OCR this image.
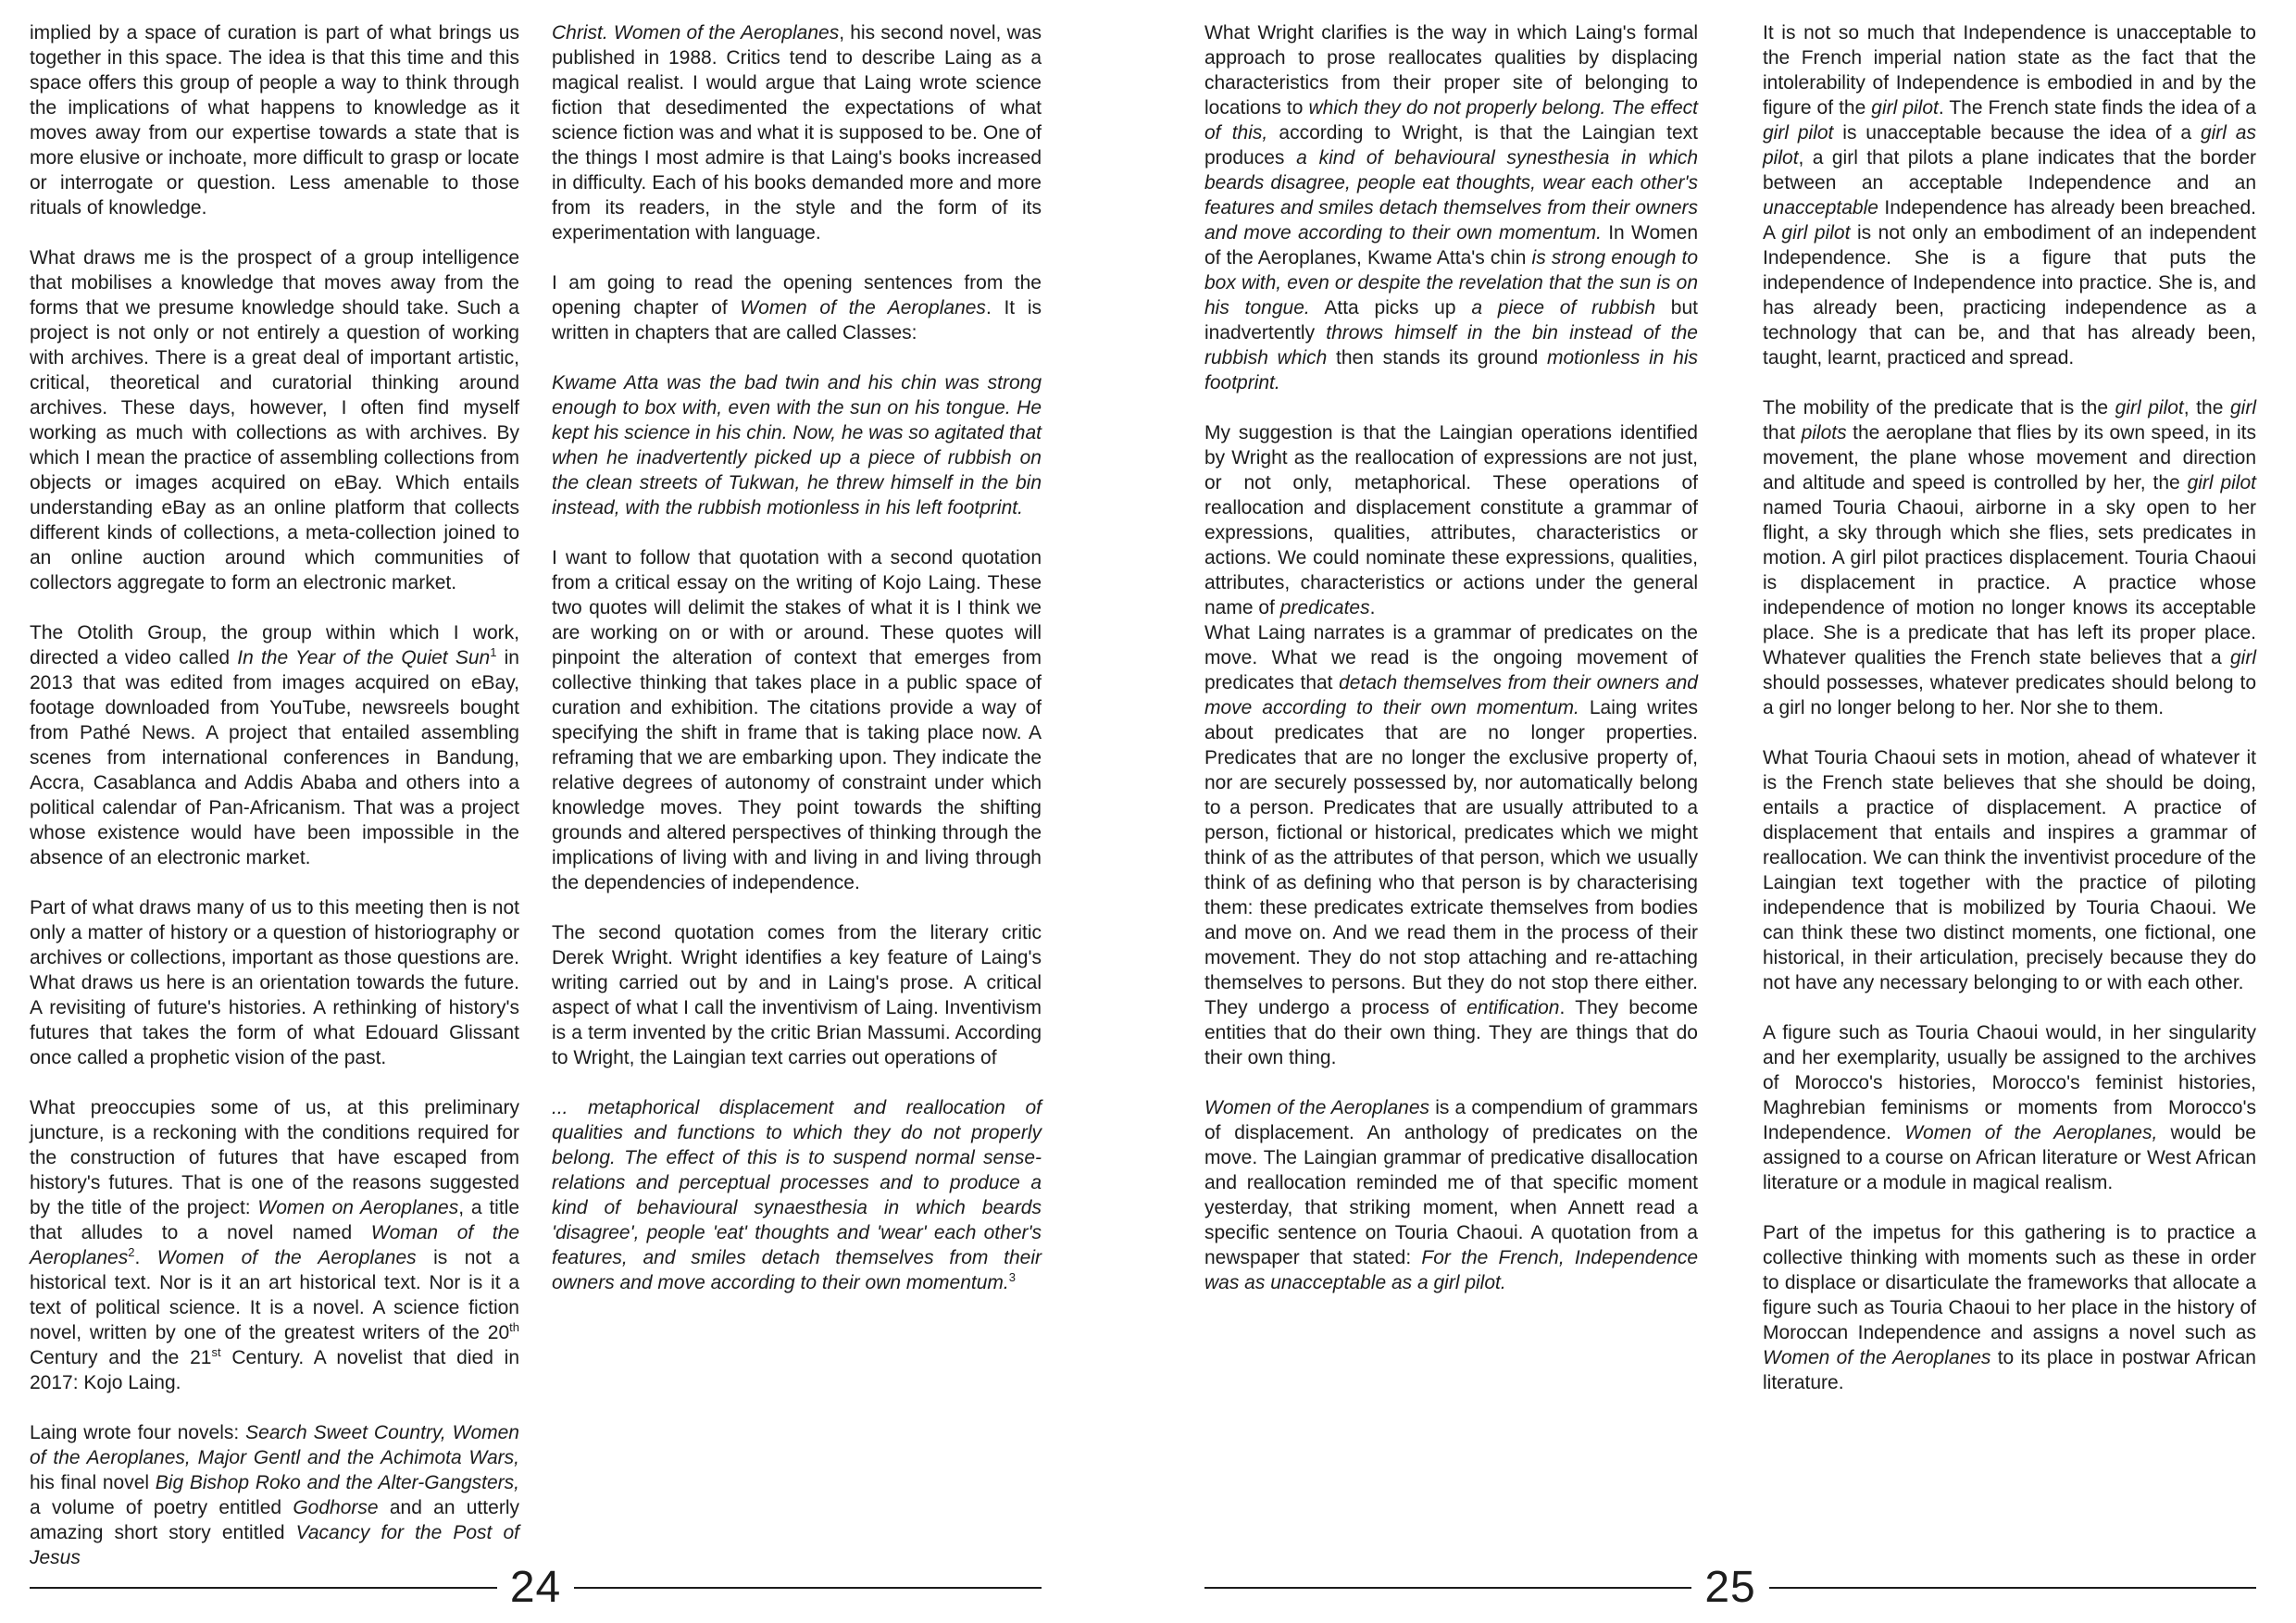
implied by a space of curation is part of what brings us together in this space. The idea is that this time and this space offers this group of people a way to think through the implications of what happens to knowledge as it moves away from our expertise towards a state that is more elusive or inchoate, more difficult to grasp or locate or interrogate or question. Less amenable to those rituals of knowledge.

What draws me is the prospect of a group intelligence that mobilises a knowledge that moves away from the forms that we presume knowledge should take. Such a project is not only or not entirely a question of working with archives. There is a great deal of important artistic, critical, theoretical and curatorial thinking around archives. These days, however, I often find myself working as much with collections as with archives. By which I mean the practice of assembling collections from objects or images acquired on eBay. Which entails understanding eBay as an online platform that collects different kinds of collections, a meta-collection joined to an online auction around which communities of collectors aggregate to form an electronic market.

The Otolith Group, the group within which I work, directed a video called In the Year of the Quiet Sun$^1$ in 2013 that was edited from images acquired on eBay, footage downloaded from YouTube, newsreels bought from Pathé News. A project that entailed assembling scenes from international conferences in Bandung, Accra, Casablanca and Addis Ababa and others into a political calendar of Pan-Africanism. That was a project whose existence would have been impossible in the absence of an electronic market.

Part of what draws many of us to this meeting then is not only a matter of history or a question of historiography or archives or collections, important as those questions are. What draws us here is an orientation towards the future. A revisiting of future's histories. A rethinking of history's futures that takes the form of what Edouard Glissant once called a prophetic vision of the past.

What preoccupies some of us, at this preliminary juncture, is a reckoning with the conditions required for the construction of futures that have escaped from history's futures. That is one of the reasons suggested by the title of the project: Women on Aeroplanes, a title that alludes to a novel named Woman of the Aeroplanes$^2$. Women of the Aeroplanes is not a historical text. Nor is it an art historical text. Nor is it a text of political science. It is a novel. A science fiction novel, written by one of the greatest writers of the 20th Century and the 21st Century. A novelist that died in 2017: Kojo Laing.

Laing wrote four novels: Search Sweet Country, Women of the Aeroplanes, Major Gentl and the Achimota Wars, his final novel Big Bishop Roko and the Alter-Gangsters, a volume of poetry entitled Godhorse and an utterly amazing short story entitled Vacancy for the Post of Jesus

Christ. Women of the Aeroplanes, his second novel, was published in 1988. Critics tend to describe Laing as a magical realist. I would argue that Laing wrote science fiction that desedimented the expectations of what science fiction was and what it is supposed to be. One of the things I most admire is that Laing's books increased in difficulty. Each of his books demanded more and more from its readers, in the style and the form of its experimentation with language.

I am going to read the opening sentences from the opening chapter of Women of the Aeroplanes. It is written in chapters that are called Classes:

Kwame Atta was the bad twin and his chin was strong enough to box with, even with the sun on his tongue. He kept his science in his chin. Now, he was so agitated that when he inadvertently picked up a piece of rubbish on the clean streets of Tukwan, he threw himself in the bin instead, with the rubbish motionless in his left footprint.

I want to follow that quotation with a second quotation from a critical essay on the writing of Kojo Laing. These two quotes will delimit the stakes of what it is I think we are working on or with or around. These quotes will pinpoint the alteration of context that emerges from collective thinking that takes place in a public space of curation and exhibition. The citations provide a way of specifying the shift in frame that is taking place now. A reframing that we are embarking upon. They indicate the relative degrees of autonomy of constraint under which knowledge moves. They point towards the shifting grounds and altered perspectives of thinking through the implications of living with and living in and living through the dependencies of independence.

The second quotation comes from the literary critic Derek Wright. Wright identifies a key feature of Laing's writing carried out by and in Laing's prose. A critical aspect of what I call the inventivism of Laing. Inventivism is a term invented by the critic Brian Massumi. According to Wright, the Laingian text carries out operations of

... metaphorical displacement and reallocation of qualities and functions to which they do not properly belong. The effect of this is to suspend normal sense-relations and perceptual processes and to produce a kind of behavioural synaesthesia in which beards 'disagree', people 'eat' thoughts and 'wear' each other's features, and smiles detach themselves from their owners and move according to their own momentum.$^3$

24

What Wright clarifies is the way in which Laing's formal approach to prose reallocates qualities by displacing characteristics from their proper site of belonging to locations to which they do not properly belong. The effect of this, according to Wright, is that the Laingian text produces a kind of behavioural synesthesia in which beards disagree, people eat thoughts, wear each other's features and smiles detach themselves from their owners and move according to their own momentum. In Women of the Aeroplanes, Kwame Atta's chin is strong enough to box with, even or despite the revelation that the sun is on his tongue. Atta picks up a piece of rubbish but inadvertently throws himself in the bin instead of the rubbish which then stands its ground motionless in his footprint.

My suggestion is that the Laingian operations identified by Wright as the reallocation of expressions are not just, or not only, metaphorical. These operations of reallocation and displacement constitute a grammar of expressions, qualities, attributes, characteristics or actions. We could nominate these expressions, qualities, attributes, characteristics or actions under the general name of predicates.
What Laing narrates is a grammar of predicates on the move. What we read is the ongoing movement of predicates that detach themselves from their owners and move according to their own momentum. Laing writes about predicates that are no longer properties. Predicates that are no longer the exclusive property of, nor are securely possessed by, nor automatically belong to a person. Predicates that are usually attributed to a person, fictional or historical, predicates which we might think of as the attributes of that person, which we usually think of as defining who that person is by characterising them: these predicates extricate themselves from bodies and move on. And we read them in the process of their movement. They do not stop attaching and re-attaching themselves to persons. But they do not stop there either. They undergo a process of entification. They become entities that do their own thing. They are things that do their own thing.

Women of the Aeroplanes is a compendium of grammars of displacement. An anthology of predicates on the move. The Laingian grammar of predicative disallocation and reallocation reminded me of that specific moment yesterday, that striking moment, when Annett read a specific sentence on Touria Chaoui. A quotation from a newspaper that stated: For the French, Independence was as unacceptable as a girl pilot.

It is not so much that Independence is unacceptable to the French imperial nation state as the fact that the intolerability of Independence is embodied in and by the figure of the girl pilot. The French state finds the idea of a girl pilot is unacceptable because the idea of a girl as pilot, a girl that pilots a plane indicates that the border between an acceptable Independence and an unacceptable Independence has already been breached. A girl pilot is not only an embodiment of an independent Independence. She is a figure that puts the independence of Independence into practice. She is, and has already been, practicing independence as a technology that can be, and that has already been, taught, learnt, practiced and spread.

The mobility of the predicate that is the girl pilot, the girl that pilots the aeroplane that flies by its own speed, in its movement, the plane whose movement and direction and altitude and speed is controlled by her, the girl pilot named Touria Chaoui, airborne in a sky open to her flight, a sky through which she flies, sets predicates in motion. A girl pilot practices displacement. Touria Chaoui is displacement in practice. A practice whose independence of motion no longer knows its acceptable place. She is a predicate that has left its proper place. Whatever qualities the French state believes that a girl should possesses, whatever predicates should belong to a girl no longer belong to her. Nor she to them.

What Touria Chaoui sets in motion, ahead of whatever it is the French state believes that she should be doing, entails a practice of displacement. A practice of displacement that entails and inspires a grammar of reallocation. We can think the inventivist procedure of the Laingian text together with the practice of piloting independence that is mobilized by Touria Chaoui. We can think these two distinct moments, one fictional, one historical, in their articulation, precisely because they do not have any necessary belonging to or with each other.

A figure such as Touria Chaoui would, in her singularity and her exemplarity, usually be assigned to the archives of Morocco's histories, Morocco's feminist histories, Maghrebian feminisms or moments from Morocco's Independence. Women of the Aeroplanes, would be assigned to a course on African literature or West African literature or a module in magical realism.

Part of the impetus for this gathering is to practice a collective thinking with moments such as these in order to displace or disarticulate the frameworks that allocate a figure such as Touria Chaoui to her place in the history of Moroccan Independence and assigns a novel such as Women of the Aeroplanes to its place in postwar African literature.

25
